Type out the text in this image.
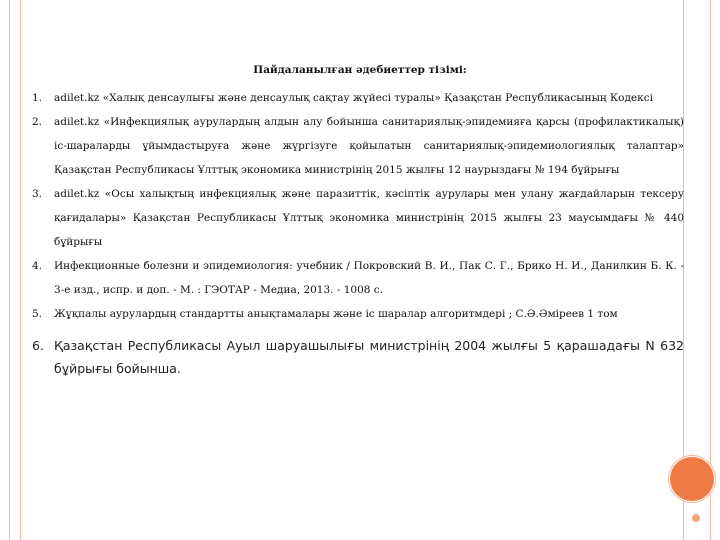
Пайдаланылған әдебиеттер тізімі:
1.	adilet.kz «Халық денсаулығы және денсаулық сақтау жүйесі туралы» Қазақстан Республикасының Кодексі
2.	adilet.kz «Инфекциялық аурулардың алдын алу бойынша санитариялық-эпидемияға қарсы (профилактикалық) іс-шараларды ұйымдастыруға және жүргізуге қойылатын санитариялық-эпидемиологиялық талаптар» Қазақстан Республикасы Ұлттық экономика министрінің 2015 жылғы 12 наурыздағы № 194 бұйрығы
3.	adilet.kz «Осы халықтың инфекциялық және паразиттік, кәсіптік аурулары мен улану жағдайларын тексеру қағидалары» Қазақстан Республикасы Ұлттық экономика министрінің 2015 жылғы 23 маусымдағы № 440 бұйрығы
4.	Инфекционные болезни и эпидемиология: учебник / Покровский В. И., Пак С. Г., Брико Н. И., Данилкин Б. К. - 3-е изд., испр. и доп. - М. : ГЭОТАР - Медиа, 2013. - 1008 с.
5.	Жұқпалы аурулардың стандартты анықтамалары және іс шаралар алгоритмдері ; С.Ә.Әміреев 1 том
6. Қазақстан Республикасы Ауыл шаруашылығы министрінің 2004 жылғы 5 қарашадағы N 632 бұйрығы бойынша.
